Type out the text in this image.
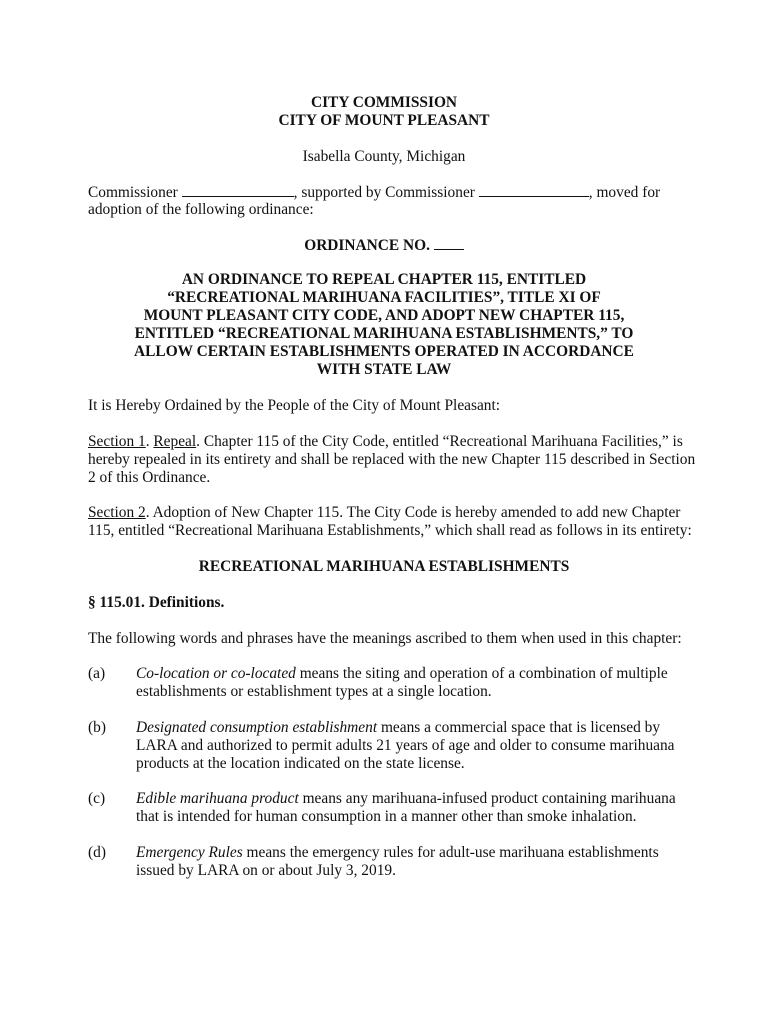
CITY COMMISSION
CITY OF MOUNT PLEASANT
Isabella County, Michigan
Commissioner	, supported by Commissioner	, moved for
adoption of the following ordinance:
ORDINANCE NO.
AN ORDINANCE TO REPEAL CHAPTER 115, ENTITLED
“RECREATIONAL MARIHUANA FACILITIES”, TITLE XI OF
MOUNT PLEASANT CITY CODE, AND ADOPT NEW CHAPTER 115,
ENTITLED “RECREATIONAL MARIHUANA ESTABLISHMENTS,” TO
ALLOW CERTAIN ESTABLISHMENTS OPERATED IN ACCORDANCE
WITH STATE LAW
It is Hereby Ordained by the People of the City of Mount Pleasant:
Section 1. Repeal. Chapter 115 of the City Code, entitled “Recreational Marihuana Facilities,” is
hereby repealed in its entirety and shall be replaced with the new Chapter 115 described in Section
2 of this Ordinance.
Section 2. Adoption of New Chapter 115. The City Code is hereby amended to add new Chapter
115, entitled “Recreational Marihuana Establishments,” which shall read as follows in its entirety:
RECREATIONAL MARIHUANA ESTABLISHMENTS
§ 115.01. Definitions.
The following words and phrases have the meanings ascribed to them when used in this chapter:
(a)	Co-location or co-located means the siting and operation of a combination of multiple
establishments or establishment types at a single location.
(b)	Designated consumption establishment means a commercial space that is licensed by
LARA and authorized to permit adults 21 years of age and older to consume marihuana
products at the location indicated on the state license.
(c)	Edible marihuana product means any marihuana-infused product containing marihuana
that is intended for human consumption in a manner other than smoke inhalation.
(d)	Emergency Rules means the emergency rules for adult-use marihuana establishments
issued by LARA on or about July 3, 2019.
